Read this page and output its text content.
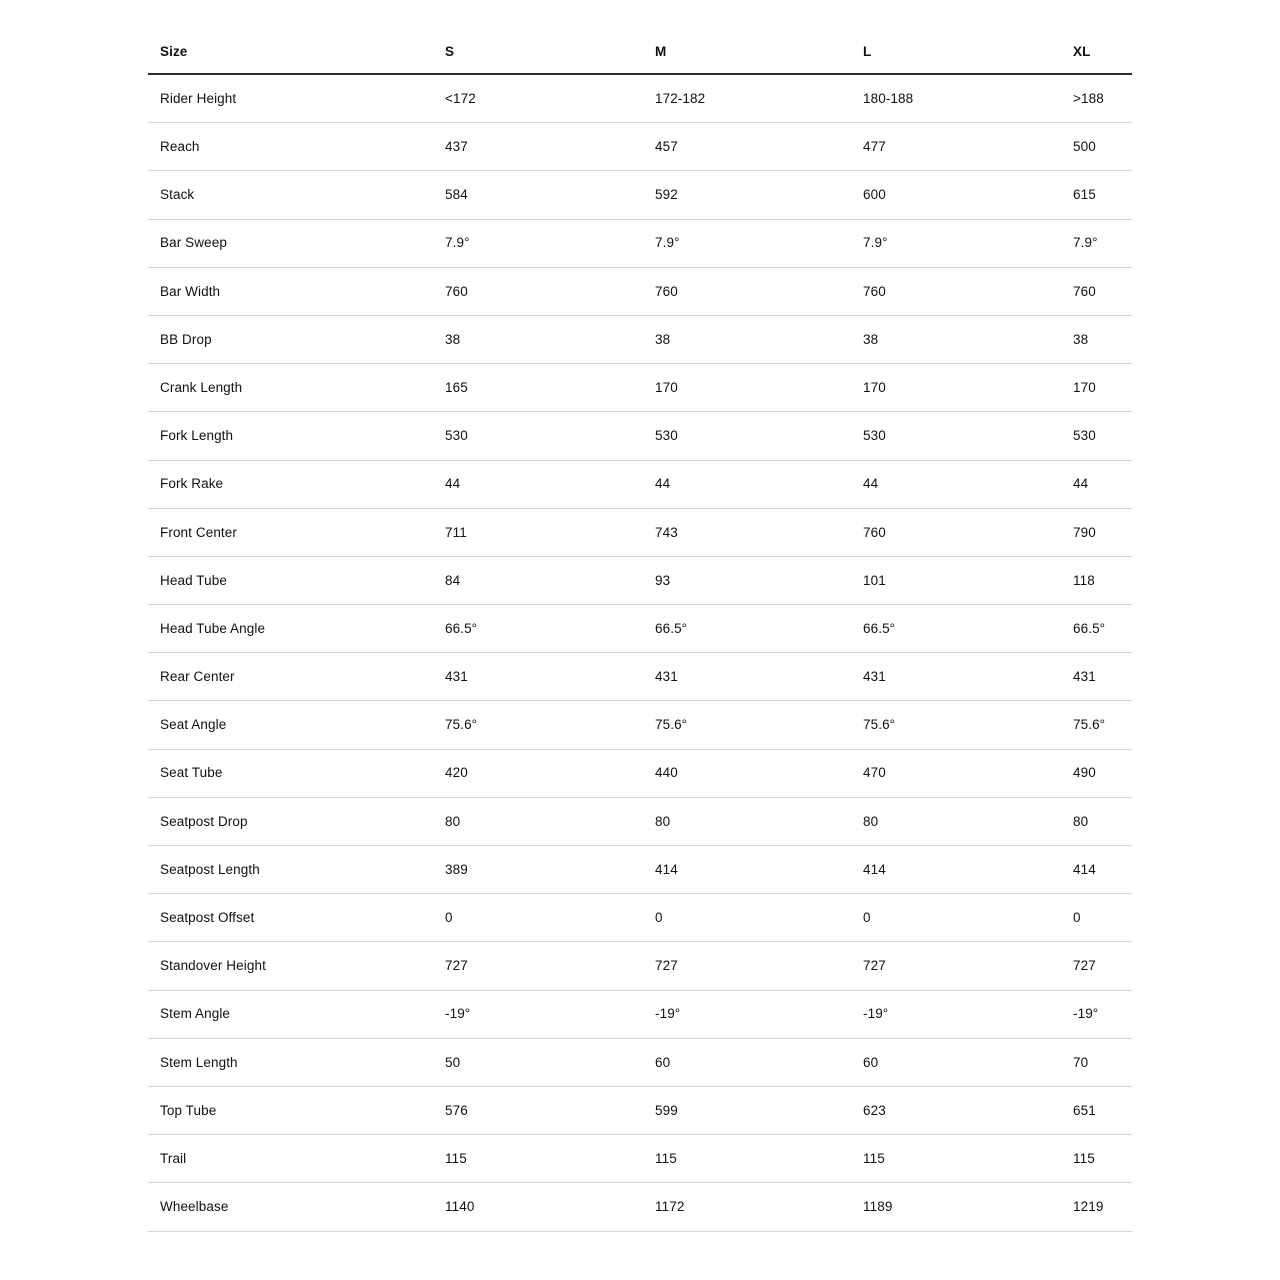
Size	S	M	L	XL
Rider Height	<172	172-182	180-188	>188
Reach	437	457	477	500
Stack	584	592	600	615
Bar Sweep	7.9°	7.9°	7.9°	7.9°
Bar Width	760	760	760	760
BB Drop	38	38	38	38
Crank Length	165	170	170	170
Fork Length	530	530	530	530
Fork Rake	44	44	44	44
Front Center	711	743	760	790
Head Tube	84	93	101	118
Head Tube Angle	66.5°	66.5°	66.5°	66.5°
Rear Center	431	431	431	431
Seat Angle	75.6°	75.6°	75.6°	75.6°
Seat Tube	420	440	470	490
Seatpost Drop	80	80	80	80
Seatpost Length	389	414	414	414
Seatpost Offset	0	0	0	0
Standover Height	727	727	727	727
Stem Angle	-19°	-19°	-19°	-19°
Stem Length	50	60	60	70
Top Tube	576	599	623	651
Trail	115	115	115	115
Wheelbase	1140	1172	1189	1219
